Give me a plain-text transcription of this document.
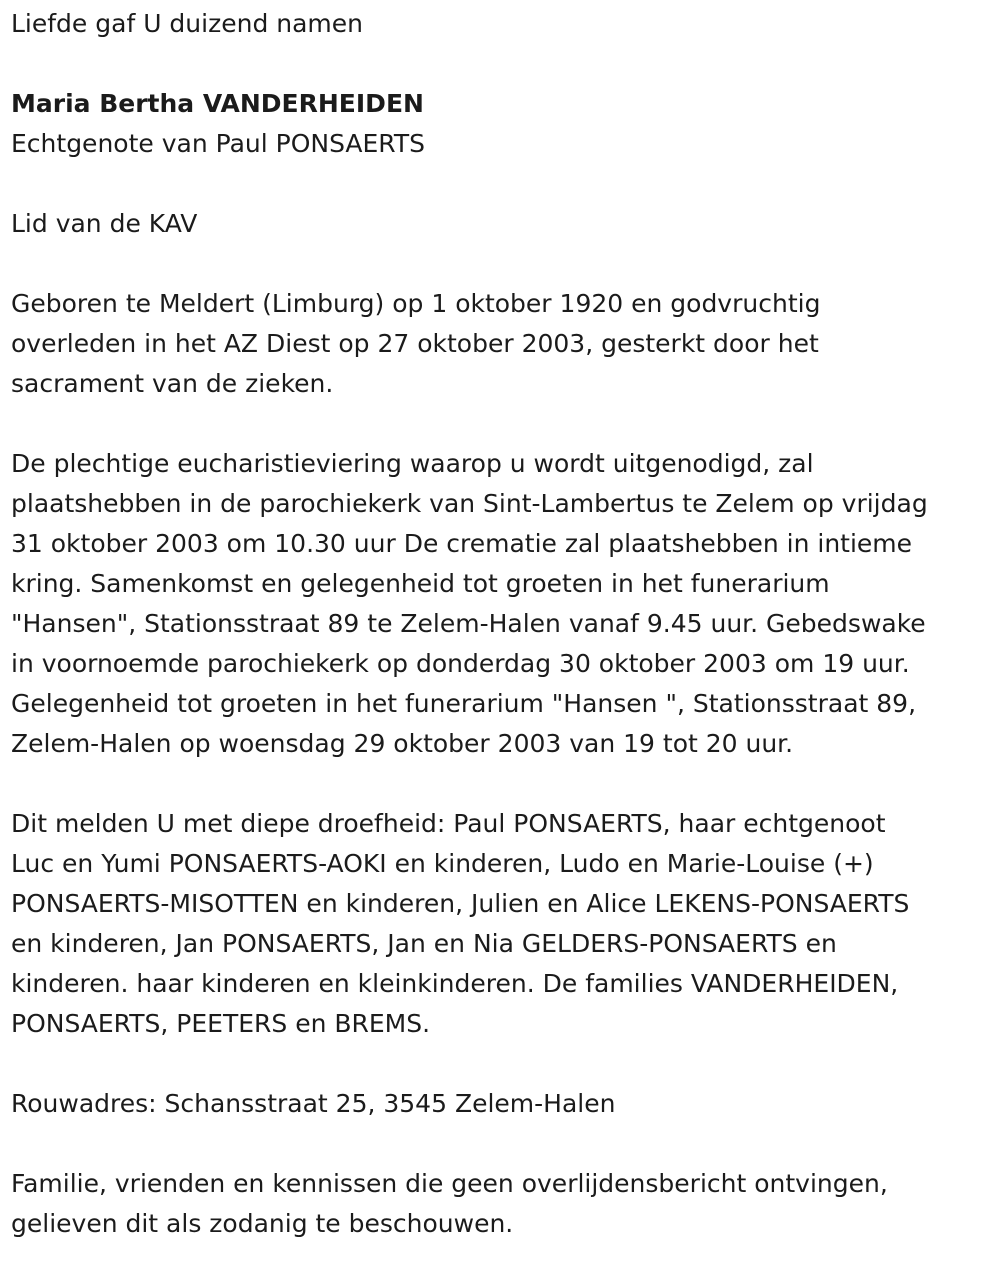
Liefde gaf U duizend namen

Maria Bertha VANDERHEIDEN

Echtgenote van Paul PONSAERTS

Lid van de KAV

Geboren te Meldert (Limburg) op 1 oktober 1920 en godvruchtig

overleden in het AZ Diest op 27 oktober 2003, gesterkt door het

sacrament van de zieken.

De plechtige eucharistieviering waarop u wordt uitgenodigd, zal

plaatshebben in de parochiekerk van Sint-Lambertus te Zelem op vrijdag

31 oktober 2003 om 10.30 uur De crematie zal plaatshebben in intieme

kring. Samenkomst en gelegenheid tot groeten in het funerarium

"Hansen", Stationsstraat 89 te Zelem-Halen vanaf 9.45 uur. Gebedswake

in voornoemde parochiekerk op donderdag 30 oktober 2003 om 19 uur.

Gelegenheid tot groeten in het funerarium "Hansen ", Stationsstraat 89,

Zelem-Halen op woensdag 29 oktober 2003 van 19 tot 20 uur.

Dit melden U met diepe droefheid: Paul PONSAERTS, haar echtgenoot

Luc en Yumi PONSAERTS-AOKI en kinderen, Ludo en Marie-Louise (+)

PONSAERTS-MISOTTEN en kinderen, Julien en Alice LEKENS-PONSAERTS

en kinderen, Jan PONSAERTS, Jan en Nia GELDERS-PONSAERTS en

kinderen. haar kinderen en kleinkinderen. De families VANDERHEIDEN,

PONSAERTS, PEETERS en BREMS.

Rouwadres: Schansstraat 25, 3545 Zelem-Halen

Familie, vrienden en kennissen die geen overlijdensbericht ontvingen,

gelieven dit als zodanig te beschouwen.
